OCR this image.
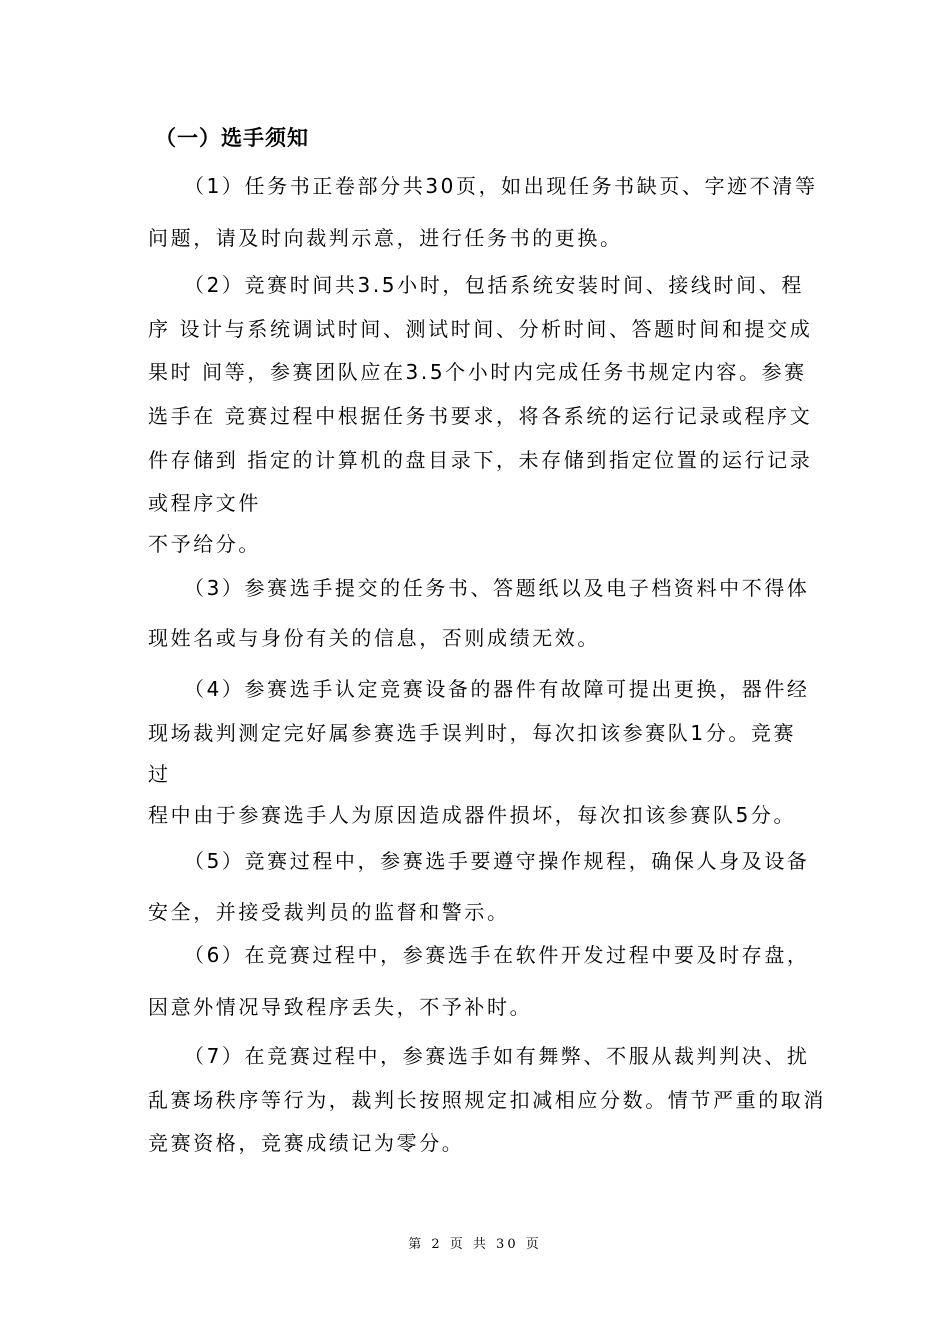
（一）选手须知
（1）任务书正卷部分共30页，如出现任务书缺页、字迹不清等
问题，请及时向裁判示意，进行任务书的更换。
（2）竞赛时间共3.5小时，包括系统安装时间、接线时间、程
序 设计与系统调试时间、测试时间、分析时间、答题时间和提交成
果时 间等，参赛团队应在3.5个小时内完成任务书规定内容。参赛
选手在 竞赛过程中根据任务书要求，将各系统的运行记录或程序文
件存储到 指定的计算机的盘目录下，未存储到指定位置的运行记录
或程序文件
不予给分。
（3）参赛选手提交的任务书、答题纸以及电子档资料中不得体
现姓名或与身份有关的信息，否则成绩无效。
（4）参赛选手认定竞赛设备的器件有故障可提出更换，器件经
现场裁判测定完好属参赛选手误判时，每次扣该参赛队1分。竞赛
过
程中由于参赛选手人为原因造成器件损坏，每次扣该参赛队5分。
（5）竞赛过程中，参赛选手要遵守操作规程，确保人身及设备
安全，并接受裁判员的监督和警示。
（6）在竞赛过程中，参赛选手在软件开发过程中要及时存盘，
因意外情况导致程序丢失，不予补时。
（7）在竞赛过程中，参赛选手如有舞弊、不服从裁判判决、扰
乱赛场秩序等行为，裁判长按照规定扣减相应分数。情节严重的取消
竞赛资格，竞赛成绩记为零分。
第 2 页 共 30 页
